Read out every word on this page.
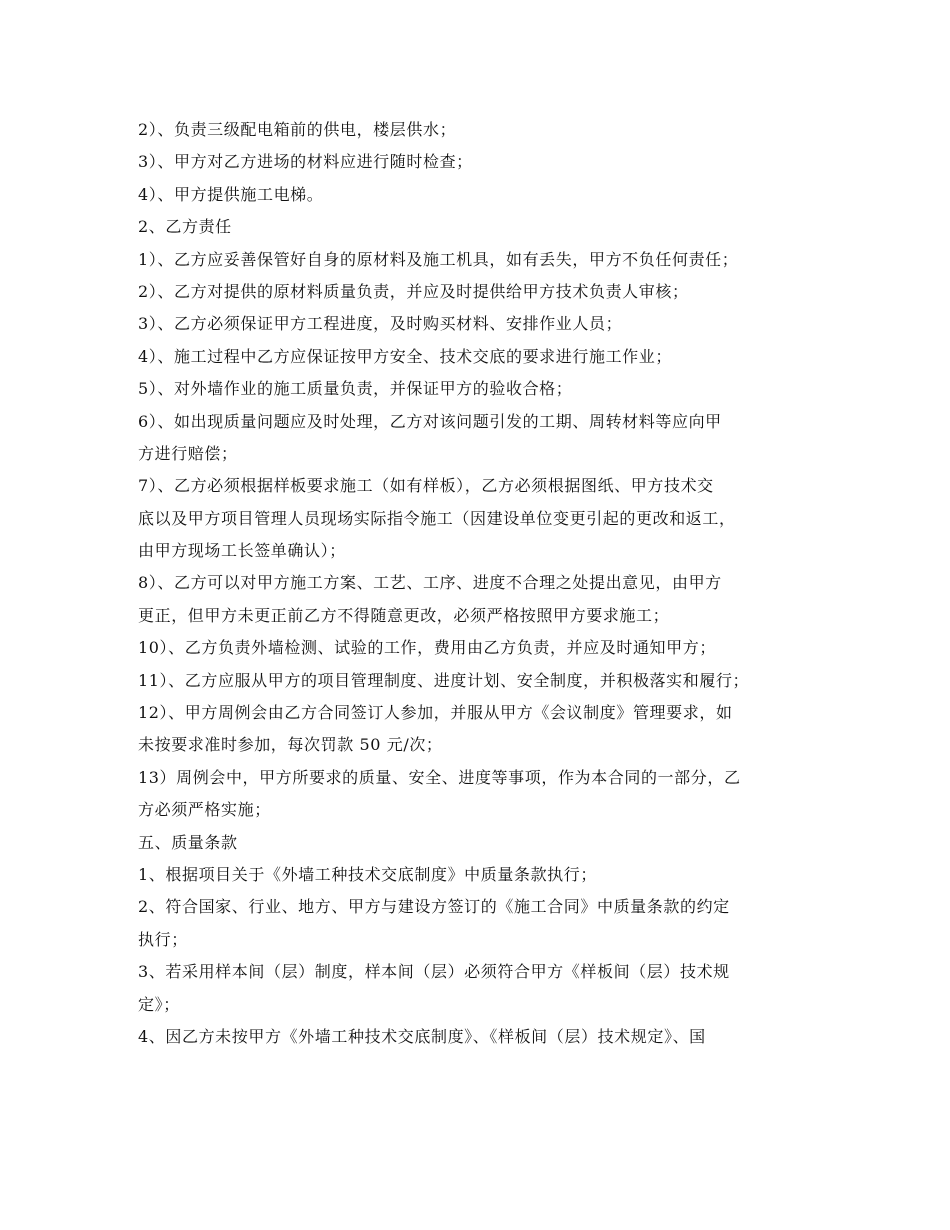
2）、负责三级配电箱前的供电，楼层供水；
3）、甲方对乙方进场的材料应进行随时检查；
4）、甲方提供施工电梯。
2、乙方责任
1）、乙方应妥善保管好自身的原材料及施工机具，如有丢失，甲方不负任何责任；
2）、乙方对提供的原材料质量负责，并应及时提供给甲方技术负责人审核；
3）、乙方必须保证甲方工程进度，及时购买材料、安排作业人员；
4）、施工过程中乙方应保证按甲方安全、技术交底的要求进行施工作业；
5）、对外墙作业的施工质量负责，并保证甲方的验收合格；
6）、如出现质量问题应及时处理，乙方对该问题引发的工期、周转材料等应向甲
方进行赔偿；
7）、乙方必须根据样板要求施工（如有样板），乙方必须根据图纸、甲方技术交
底以及甲方项目管理人员现场实际指令施工（因建设单位变更引起的更改和返工，
由甲方现场工长签单确认）；
8）、乙方可以对甲方施工方案、工艺、工序、进度不合理之处提出意见，由甲方
更正，但甲方未更正前乙方不得随意更改，必须严格按照甲方要求施工；
10）、乙方负责外墙检测、试验的工作，费用由乙方负责，并应及时通知甲方；
11）、乙方应服从甲方的项目管理制度、进度计划、安全制度，并积极落实和履行；
12）、甲方周例会由乙方合同签订人参加，并服从甲方《会议制度》管理要求，如
未按要求准时参加，每次罚款 50 元/次；
13）周例会中，甲方所要求的质量、安全、进度等事项，作为本合同的一部分，乙
方必须严格实施；
五、质量条款
1、根据项目关于《外墙工种技术交底制度》中质量条款执行；
2、符合国家、行业、地方、甲方与建设方签订的《施工合同》中质量条款的约定
执行；
3、若采用样本间（层）制度，样本间（层）必须符合甲方《样板间（层）技术规
定》；
4、因乙方未按甲方《外墙工种技术交底制度》、《样板间（层）技术规定》、国
